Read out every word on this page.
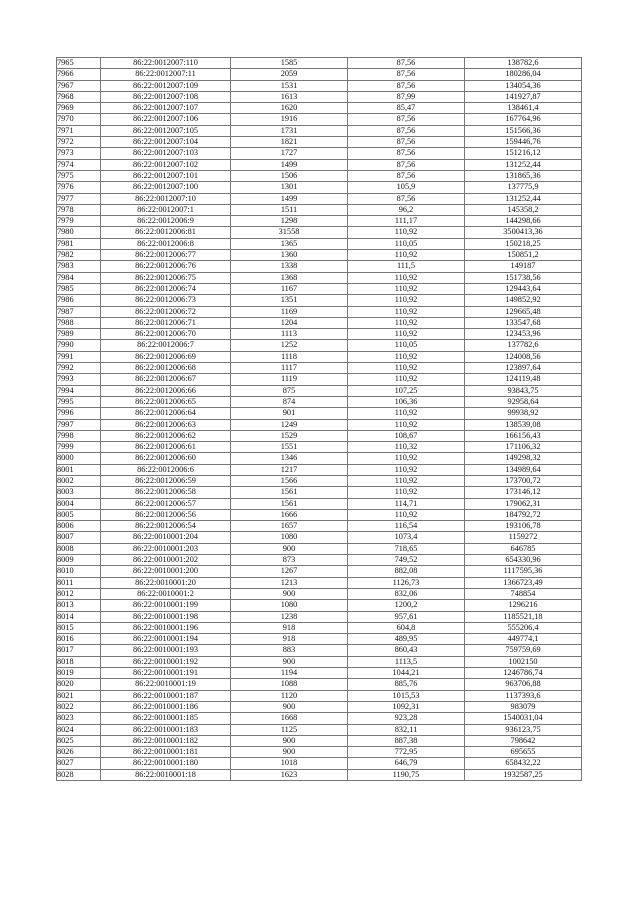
7965	86:22:0012007:110	1585	87,56	138782,6
7966	86:22:0012007:11	2059	87,56	180286,04
7967	86:22:0012007:109	1531	87,56	134054,36
7968	86:22:0012007:108	1613	87,99	141927,87
7969	86:22:0012007:107	1620	85,47	138461,4
7970	86:22:0012007:106	1916	87,56	167764,96
7971	86:22:0012007:105	1731	87,56	151566,36
7972	86:22:0012007:104	1821	87,56	159446,76
7973	86:22:0012007:103	1727	87,56	151216,12
7974	86:22:0012007:102	1499	87,56	131252,44
7975	86:22:0012007:101	1506	87,56	131865,36
7976	86:22:0012007:100	1301	105,9	137775,9
7977	86:22:0012007:10	1499	87,56	131252,44
7978	86:22:0012007:1	1511	96,2	145358,2
7979	86:22:0012006:9	1298	111,17	144298,66
7980	86:22:0012006:81	31558	110,92	3500413,36
7981	86:22:0012006:8	1365	110,05	150218,25
7982	86:22:0012006:77	1360	110,92	150851,2
7983	86:22:0012006:76	1338	111,5	149187
7984	86:22:0012006:75	1368	110,92	151738,56
7985	86:22:0012006:74	1167	110,92	129443,64
7986	86:22:0012006:73	1351	110,92	149852,92
7987	86:22:0012006:72	1169	110,92	129665,48
7988	86:22:0012006:71	1204	110,92	133547,68
7989	86:22:0012006:70	1113	110,92	123453,96
7990	86:22:0012006:7	1252	110,05	137782,6
7991	86:22:0012006:69	1118	110,92	124008,56
7992	86:22:0012006:68	1117	110,92	123897,64
7993	86:22:0012006:67	1119	110,92	124119,48
7994	86:22:0012006:66	875	107,25	93843,75
7995	86:22:0012006:65	874	106,36	92958,64
7996	86:22:0012006:64	901	110,92	99938,92
7997	86:22:0012006:63	1249	110,92	138539,08
7998	86:22:0012006:62	1529	108,67	166156,43
7999	86:22:0012006:61	1551	110,32	171106,32
8000	86:22:0012006:60	1346	110,92	149298,32
8001	86:22:0012006:6	1217	110,92	134989,64
8002	86:22:0012006:59	1566	110,92	173700,72
8003	86:22:0012006:58	1561	110,92	173146,12
8004	86:22:0012006:57	1561	114,71	179062,31
8005	86:22:0012006:56	1666	110,92	184792,72
8006	86:22:0012006:54	1657	116,54	193106,78
8007	86:22:0010001:204	1080	1073,4	1159272
8008	86:22:0010001:203	900	718,65	646785
8009	86:22:0010001:202	873	749,52	654330,96
8010	86:22:0010001:200	1267	882,08	1117595,36
8011	86:22:0010001:20	1213	1126,73	1366723,49
8012	86:22:0010001:2	900	832,06	748854
8013	86:22:0010001:199	1080	1200,2	1296216
8014	86:22:0010001:198	1238	957,61	1185521,18
8015	86:22:0010001:196	918	604,8	555206,4
8016	86:22:0010001:194	918	489,95	449774,1
8017	86:22:0010001:193	883	860,43	759759,69
8018	86:22:0010001:192	900	1113,5	1002150
8019	86:22:0010001:191	1194	1044,21	1246786,74
8020	86:22:0010001:19	1088	885,76	963706,88
8021	86:22:0010001:187	1120	1015,53	1137393,6
8022	86:22:0010001:186	900	1092,31	983079
8023	86:22:0010001:185	1668	923,28	1540031,04
8024	86:22:0010001:183	1125	832,11	936123,75
8025	86:22:0010001:182	900	887,38	798642
8026	86:22:0010001:181	900	772,95	695655
8027	86:22:0010001:180	1018	646,79	658432,22
8028	86:22:0010001:18	1623	1190,75	1932587,25
